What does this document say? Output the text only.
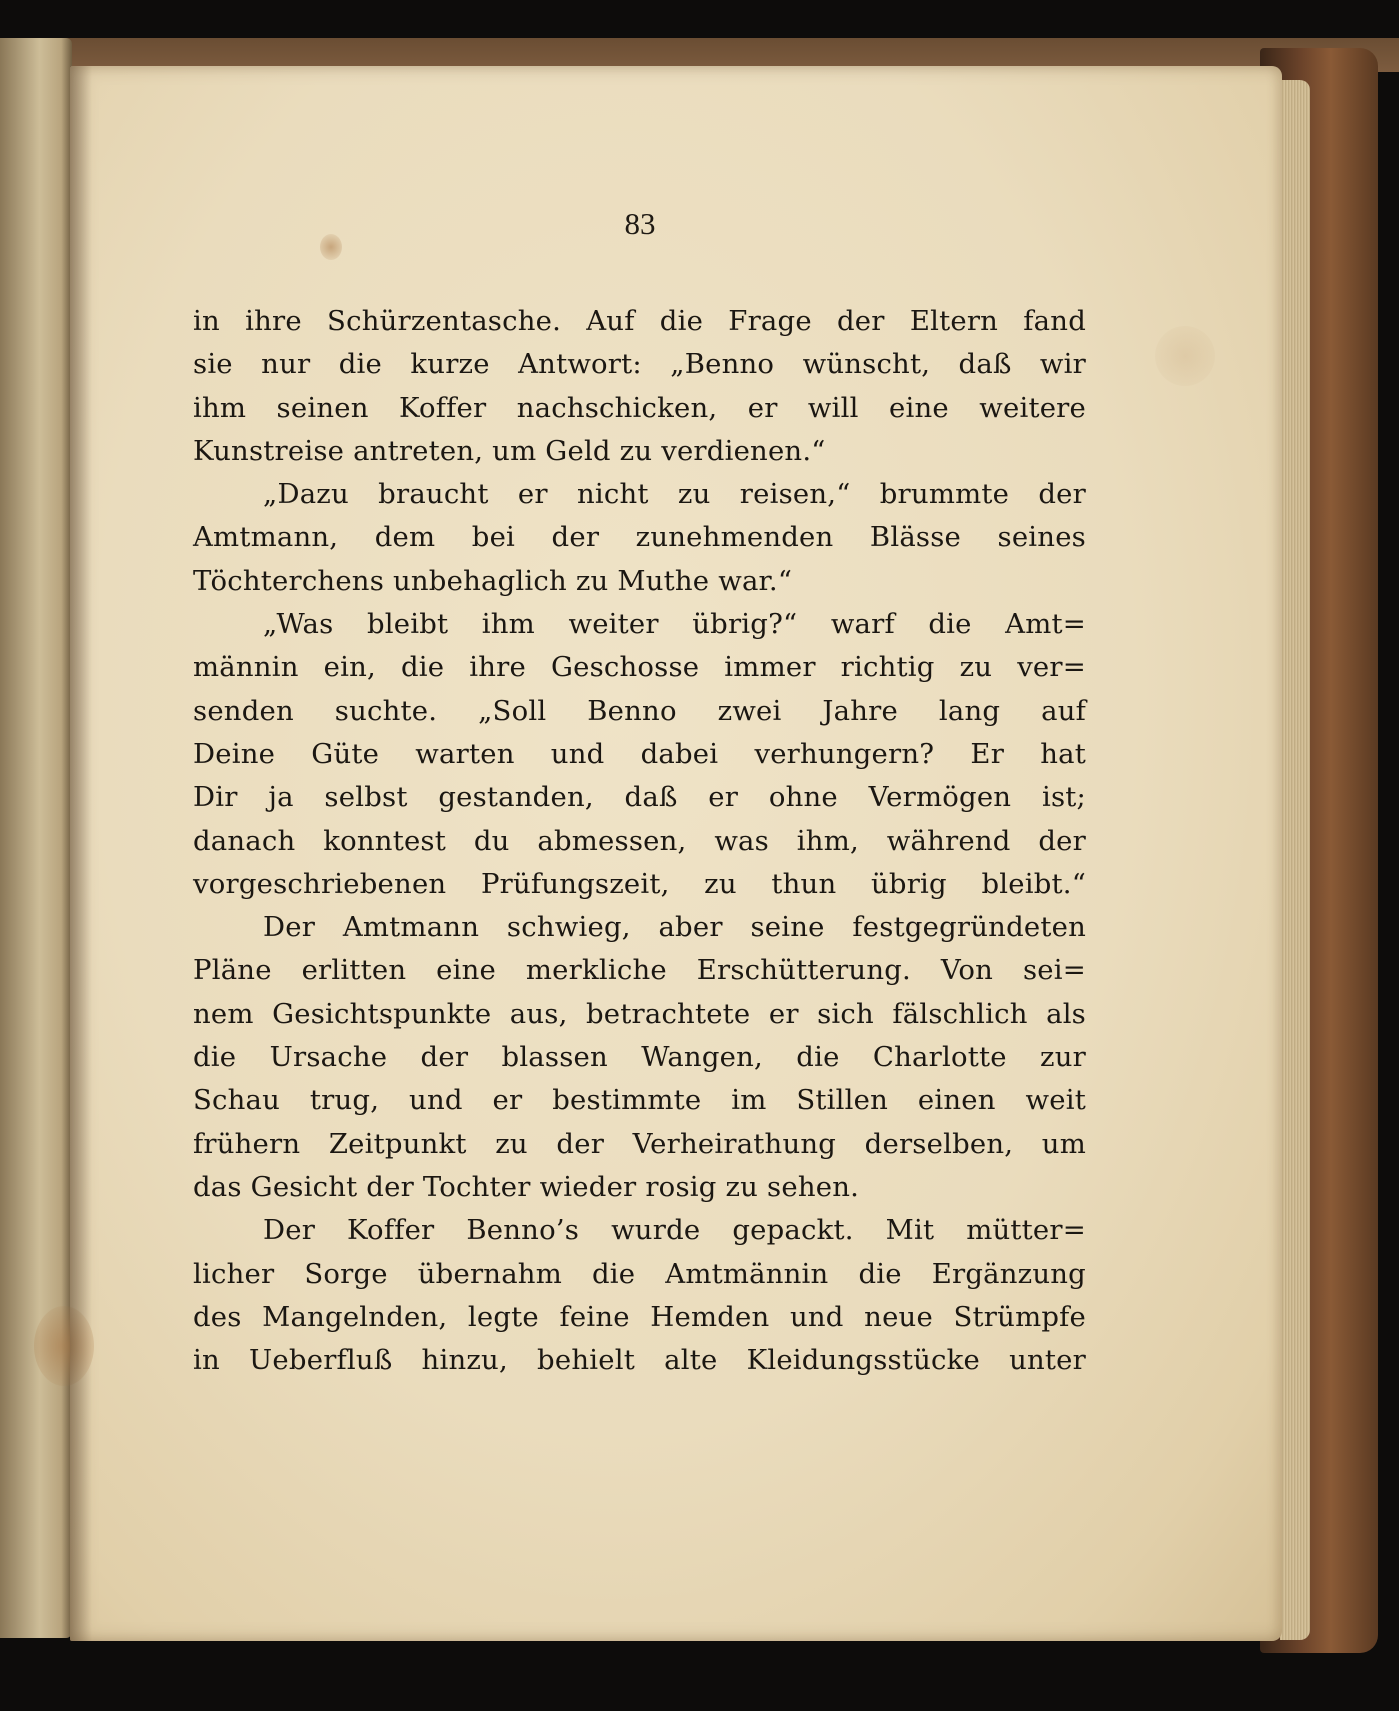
83
in ihre Schürzentasche. Auf die Frage der Eltern fand
sie nur die kurze Antwort: „Benno wünscht, daß wir
ihm seinen Koffer nachschicken, er will eine weitere
Kunstreise antreten, um Geld zu verdienen.“
„Dazu braucht er nicht zu reisen,“ brummte der
Amtmann, dem bei der zunehmenden Blässe seines
Töchterchens unbehaglich zu Muthe war.“
„Was bleibt ihm weiter übrig?“ warf die Amt=
männin ein, die ihre Geschosse immer richtig zu ver=
senden suchte. „Soll Benno zwei Jahre lang auf
Deine Güte warten und dabei verhungern? Er hat
Dir ja selbst gestanden, daß er ohne Vermögen ist;
danach konntest du abmessen, was ihm, während der
vorgeschriebenen Prüfungszeit, zu thun übrig bleibt.“
Der Amtmann schwieg, aber seine festgegründeten
Pläne erlitten eine merkliche Erschütterung. Von sei=
nem Gesichtspunkte aus, betrachtete er sich fälschlich als
die Ursache der blassen Wangen, die Charlotte zur
Schau trug, und er bestimmte im Stillen einen weit
frühern Zeitpunkt zu der Verheirathung derselben, um
das Gesicht der Tochter wieder rosig zu sehen.
Der Koffer Benno’s wurde gepackt. Mit mütter=
licher Sorge übernahm die Amtmännin die Ergänzung
des Mangelnden, legte feine Hemden und neue Strümpfe
in Ueberfluß hinzu, behielt alte Kleidungsstücke unter
